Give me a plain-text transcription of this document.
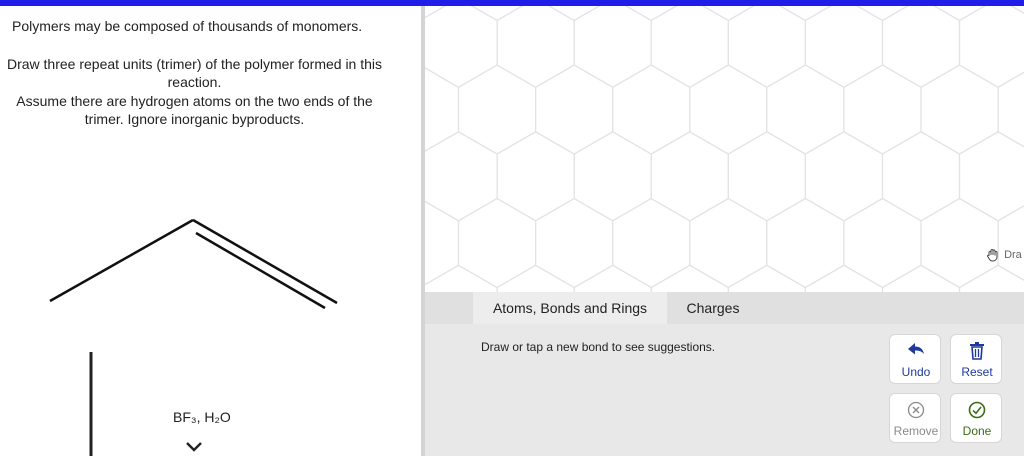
Polymers may be composed of thousands of monomers.
Draw three repeat units (trimer) of the polymer formed in this
reaction.
Assume there are hydrogen atoms on the two ends of the
trimer. Ignore inorganic byproducts.
BF₃, H₂O
Dra
Atoms, Bonds and Rings	Charges
Draw or tap a new bond to see suggestions.
Undo	Reset
Remove	Done
